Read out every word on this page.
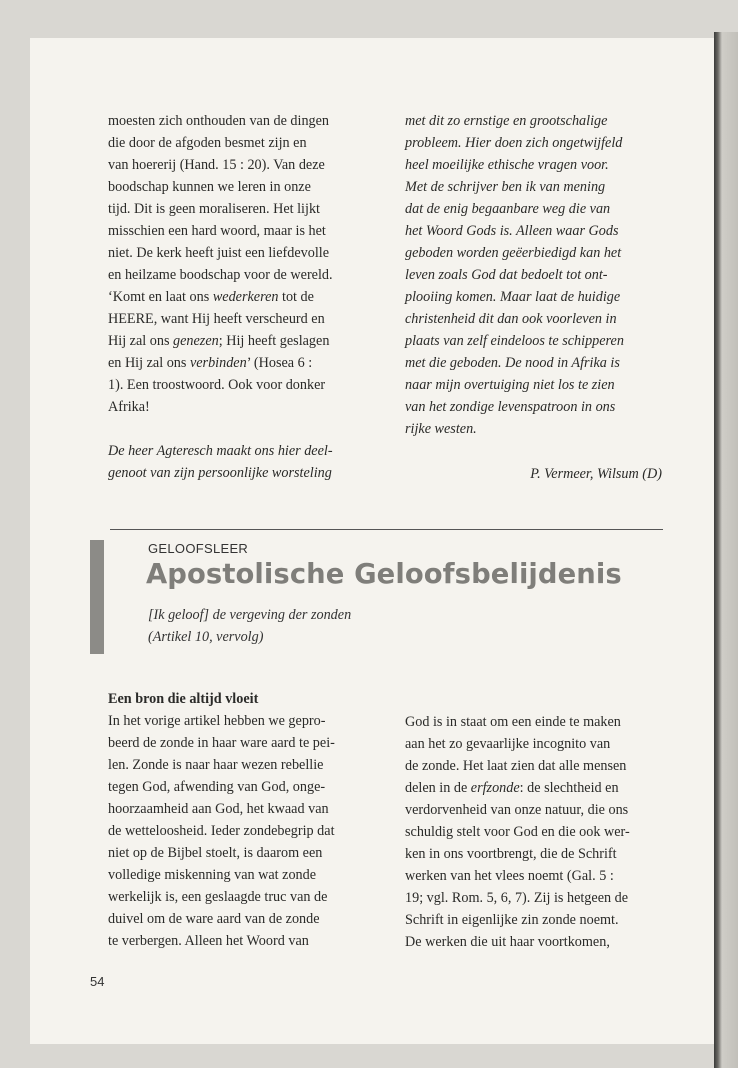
moesten zich onthouden van de dingen
die door de afgoden besmet zijn en
van hoererij (Hand. 15 : 20). Van deze
boodschap kunnen we leren in onze
tijd. Dit is geen moraliseren. Het lijkt
misschien een hard woord, maar is het
niet. De kerk heeft juist een liefdevolle
en heilzame boodschap voor de wereld.
‘Komt en laat ons wederkeren tot de
HEERE, want Hij heeft verscheurd en
Hij zal ons genezen; Hij heeft geslagen
en Hij zal ons verbinden’ (Hosea 6 :
1). Een troostwoord. Ook voor donker
Afrika!

De heer Agteresch maakt ons hier deel-
genoot van zijn persoonlijke worsteling

met dit zo ernstige en grootschalige
probleem. Hier doen zich ongetwijfeld
heel moeilijke ethische vragen voor.
Met de schrijver ben ik van mening
dat de enig begaanbare weg die van
het Woord Gods is. Alleen waar Gods
geboden worden geëerbiedigd kan het
leven zoals God dat bedoelt tot ont-
plooiing komen. Maar laat de huidige
christenheid dit dan ook voorleven in
plaats van zelf eindeloos te schipperen
met die geboden. De nood in Afrika is
naar mijn overtuiging niet los te zien
van het zondige levenspatroon in ons
rijke westen.

P. Vermeer, Wilsum (D)
GELOOFSLEER
Apostolische Geloofsbelijdenis
[Ik geloof] de vergeving der zonden
(Artikel 10, vervolg)
Een bron die altijd vloeit

In het vorige artikel hebben we gepro-
beerd de zonde in haar ware aard te pei-
len. Zonde is naar haar wezen rebellie
tegen God, afwending van God, onge-
hoorzaamheid aan God, het kwaad van
de wetteloosheid. Ieder zondebegrip dat
niet op de Bijbel stoelt, is daarom een
volledige miskenning van wat zonde
werkelijk is, een geslaagde truc van de
duivel om de ware aard van de zonde
te verbergen. Alleen het Woord van

God is in staat om een einde te maken
aan het zo gevaarlijke incognito van
de zonde. Het laat zien dat alle mensen
delen in de erfzonde: de slechtheid en
verdorvenheid van onze natuur, die ons
schuldig stelt voor God en die ook wer-
ken in ons voortbrengt, die de Schrift
werken van het vlees noemt (Gal. 5 :
19; vgl. Rom. 5, 6, 7). Zij is hetgeen de
Schrift in eigenlijke zin zonde noemt.
De werken die uit haar voortkomen,

54
